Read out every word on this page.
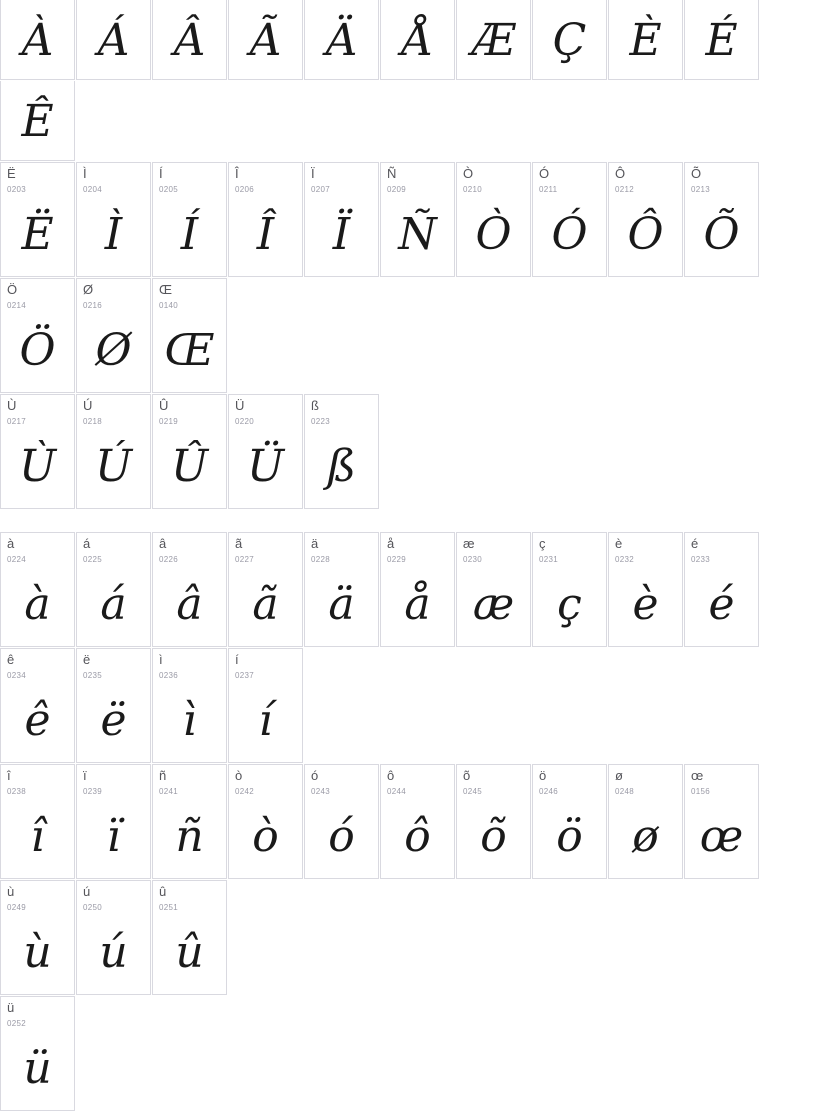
À	Á	Â	Ã	Ä	Å Æ Ç È É
Ê
Ë
0203
Ë
Ì
0204
Ì
Í
0205
Í
Î
0206
Î
Ï
0207
Ï
Ñ
0209
Ñ
Ò
0210
Ò
Ó
0211
Ó
Ô
0212
Ô
Õ
0213
Õ
Ö
0214
Ö
Ø
0216
Ø
Œ
0140
Œ
Ù
0217
Ù
Ú
0218
Ú
Û
0219
Û
Ü
0220
Ü
ß
0223
ß
à
0224
à
á
0225
á
â
0226
â
ã
0227
ã
ä
0228
ä
å
0229
å
æ
0230
æ
ç
0231
ç
è
0232
è
é
0233
é
ê
0234
ê
ë
0235
ë
ì
0236
ì
í
0237
í
î
0238
î
ï
0239
ï
ñ
0241
ñ
ò
0242
ò
ó
0243
ó
ô
0244
ô
õ
0245
õ
ö
0246
ö
ø
0248
ø
œ
0156
œ
ù
0249
ù
ú
0250
ú
û
0251
û
ü
0252
ü
